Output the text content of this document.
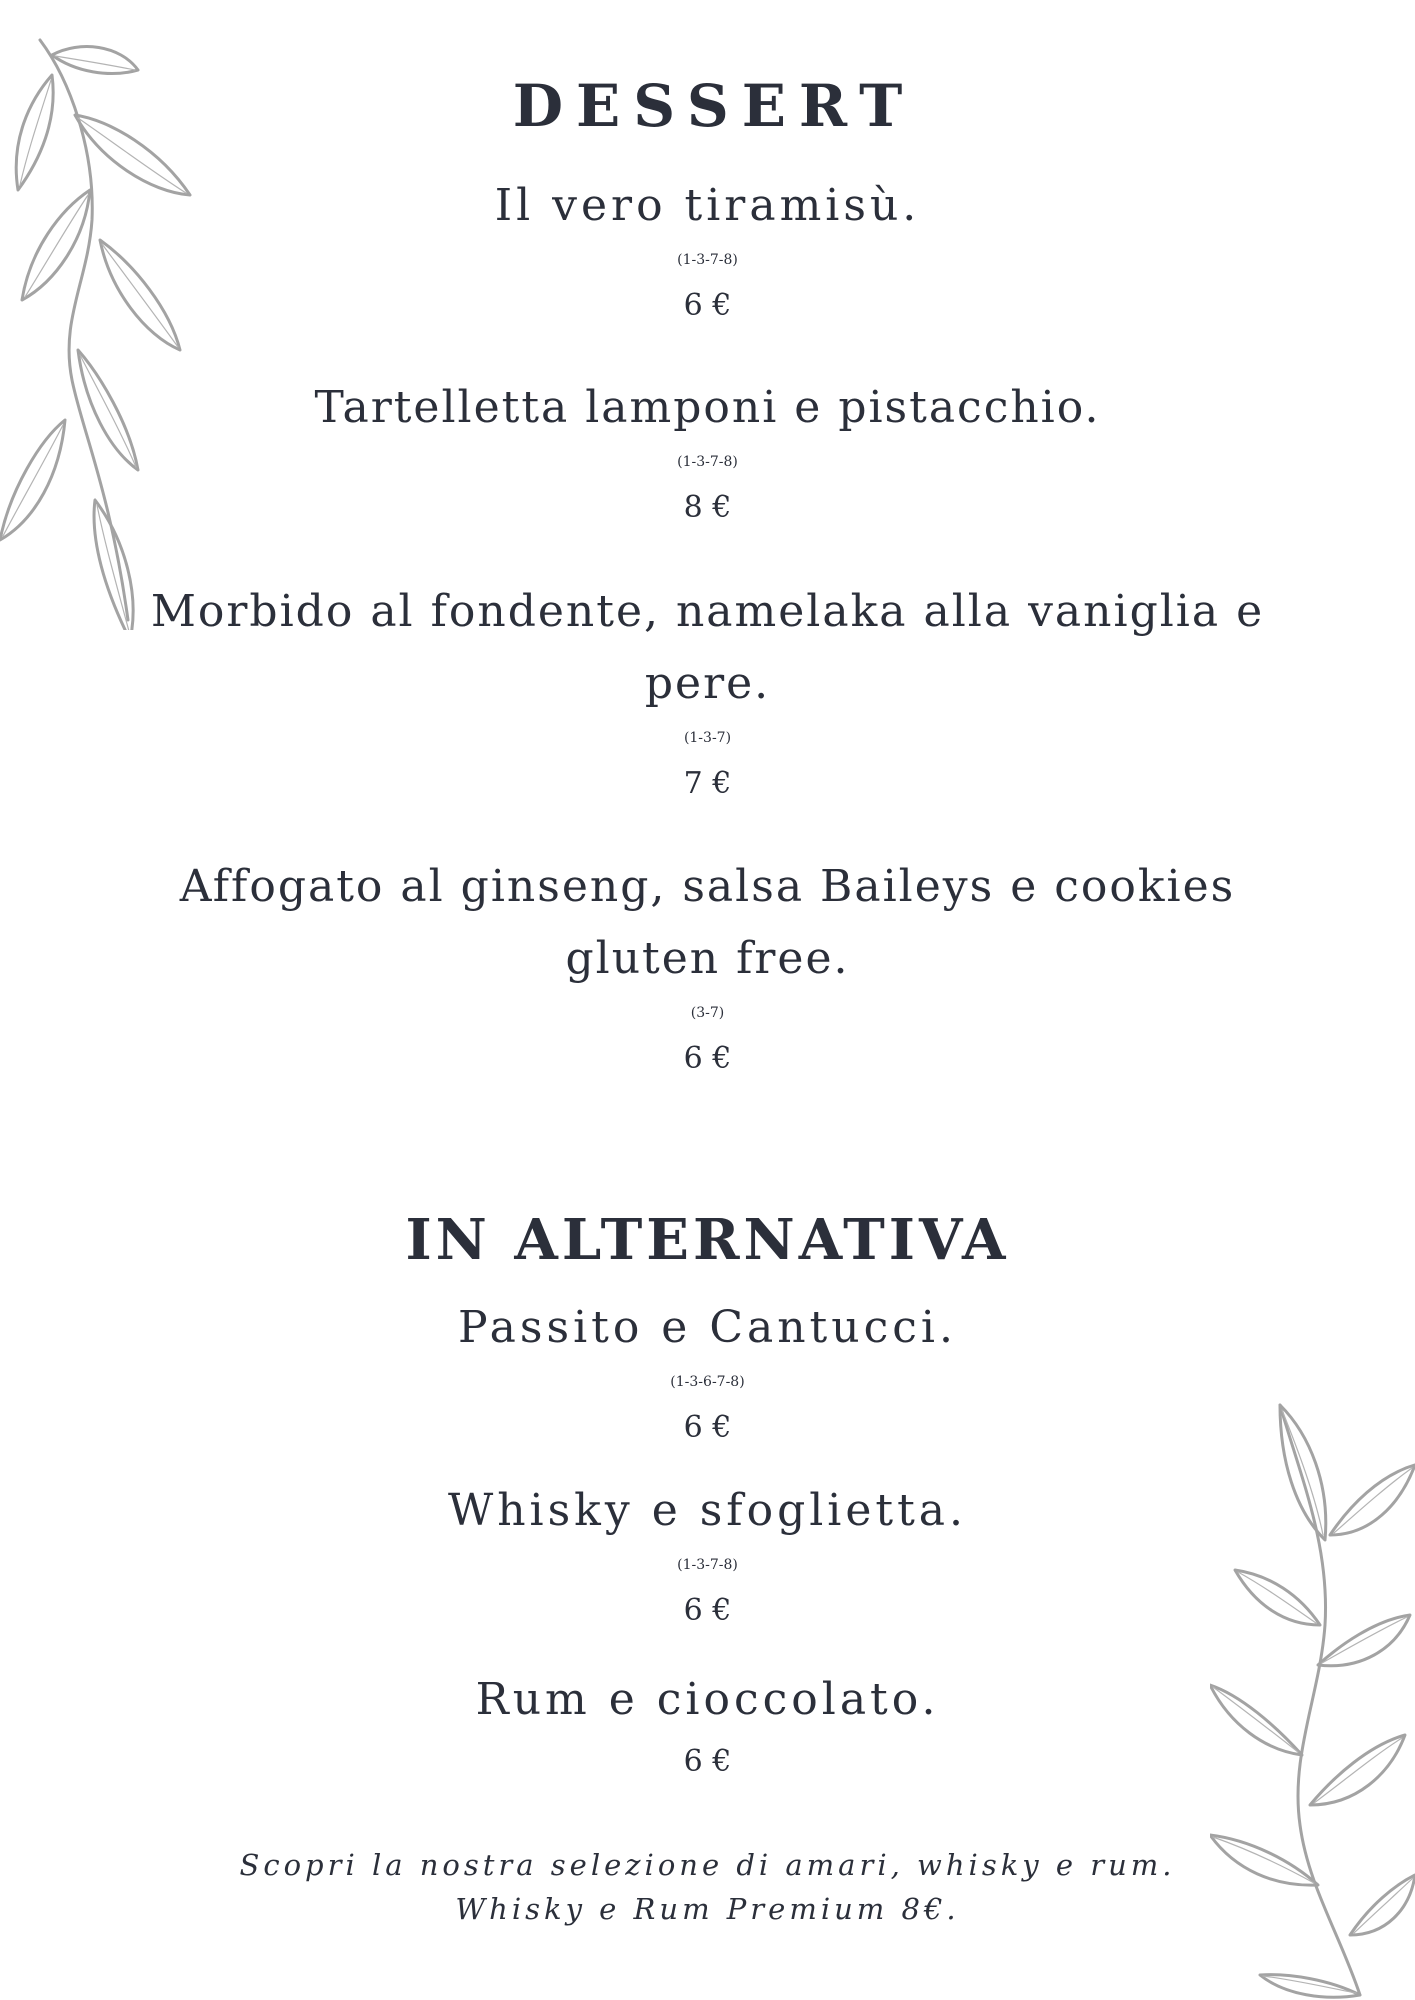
DESSERT

Il vero tiramisù.

(1-3-7-8)
6 €

Tartelletta lamponi e pistacchio.

(1-3-7-8)
8 €

Morbido al fondente, namelaka alla vaniglia e pere.

(1-3-7)
7 €

Affogato al ginseng, salsa Baileys e cookies gluten free.

(3-7)
6 €
IN ALTERNATIVA

Passito e Cantucci.

(1-3-6-7-8)
6 €

Whisky e sfoglietta.

(1-3-7-8)
6 €

Rum e cioccolato.

6 €
Scopri la nostra selezione di amari, whisky e rum.
Whisky e Rum Premium 8€.
